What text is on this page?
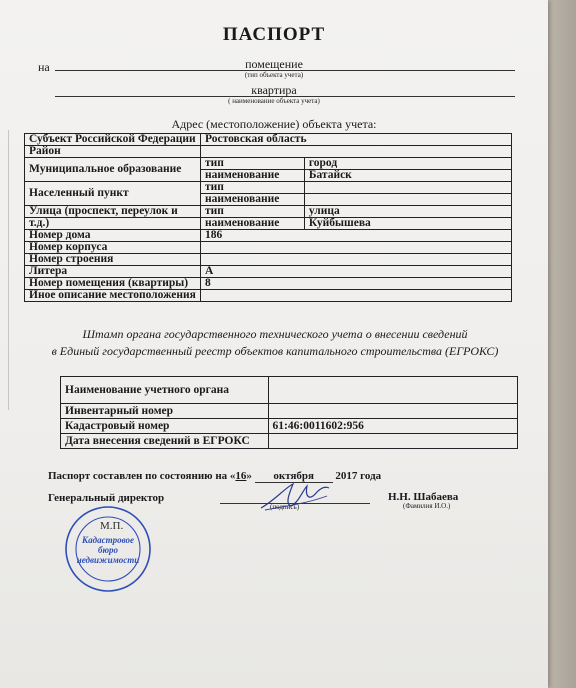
ПАСПОРТ
на	помещение
(тип объекта учета)
квартира
( наименование объекта учета)
Адрес (местоположение) объекта учета:
Субъект Российской Федерации	Ростовская область	
Район		
Муниципальное образование	тип	город
	наименование	Батайск
Населенный пункт	тип	
	наименование	
Улица (проспект, переулок и	тип	улица
т.д.)	наименование	Куйбышева
Номер дома	186	
Номер корпуса		
Номер строения		
Литера	А	
Номер помещения (квартиры)	8	
Иное описание местоположения		
Штамп органа государственного технического учета о внесении сведений
в Единый государственный реестр объектов капитального строительства (ЕГРОКС)
Наименование учетного органа	
Инвентарный номер	
Кадастровый номер	61:46:0011602:956
Дата внесения сведений в ЕГРОКС	
Паспорт составлен по состоянию на «16» октября 2017 года
Генеральный директор
(подпись)
Н.Н. Шабаева
(Фамилия И.О.)
Кадастровое
бюро
недвижимости
М.П.
